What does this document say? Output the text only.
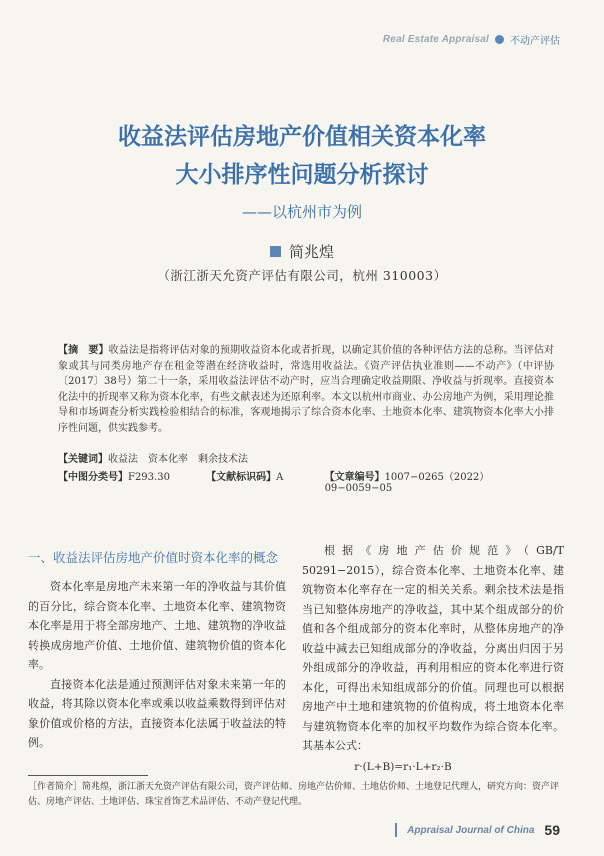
Real Estate Appraisal 不动产评估
收益法评估房地产价值相关资本化率
大小排序性问题分析探讨
——以杭州市为例
简兆煌
（浙江浙天允资产评估有限公司，杭州 310003）
【摘　要】收益法是指将评估对象的预期收益资本化或者折现，以确定其价值的各种评估方法的总称。当评估对象或其与同类房地产存在租金等潜在经济收益时，常选用收益法。《资产评估执业准则——不动产》（中评协〔2017〕38号）第二十一条，采用收益法评估不动产时，应当合理确定收益期限、净收益与折现率。直接资本化法中的折现率又称为资本化率，有些文献表述为还原利率。本文以杭州市商业、办公房地产为例，采用理论推导和市场调查分析实践检验相结合的标准，客观地揭示了综合资本化率、土地资本化率、建筑物资本化率大小排序性问题，供实践参考。
【关键词】 收益法　资本化率　剩余技术法
【中图分类号】F293.30	【文献标识码】A	【文章编号】1007−0265（2022）09−0059−05
一、收益法评估房地产价值时资本化率的概念

资本化率是房地产未来第一年的净收益与其价值的百分比，综合资本化率、土地资本化率、建筑物资本化率是用于将全部房地产、土地、建筑物的净收益转换成房地产价值、土地价值、建筑物价值的资本化率。

直接资本化法是通过预测评估对象未来第一年的收益，将其除以资本化率或乘以收益乘数得到评估对象价值或价格的方法，直接资本化法属于收益法的特例。

根据《房地产估价规范》（GB/T 50291−2015），综合资本化率、土地资本化率、建筑物资本化率存在一定的相关关系。剩余技术法是指当已知整体房地产的净收益，其中某个组成部分的价值和各个组成部分的资本化率时，从整体房地产的净收益中减去已知组成部分的净收益，分离出归因于另外组成部分的净收益，再利用相应的资本化率进行资本化，可得出未知组成部分的价值。同理也可以根据房地产中土地和建筑物的价值构成，将土地资本化率与建筑物资本化率的加权平均数作为综合资本化率。其基本公式：

r·(L+B)=r₁·L+r₂·B
［作者简介］简兆煌，浙江浙天允资产评估有限公司，资产评估师、房地产估价师、土地估价师、土地登记代理人，研究方向：资产评估、房地产评估、土地评估、珠宝首饰艺术品评估、不动产登记代理。
Appraisal Journal of China 59
